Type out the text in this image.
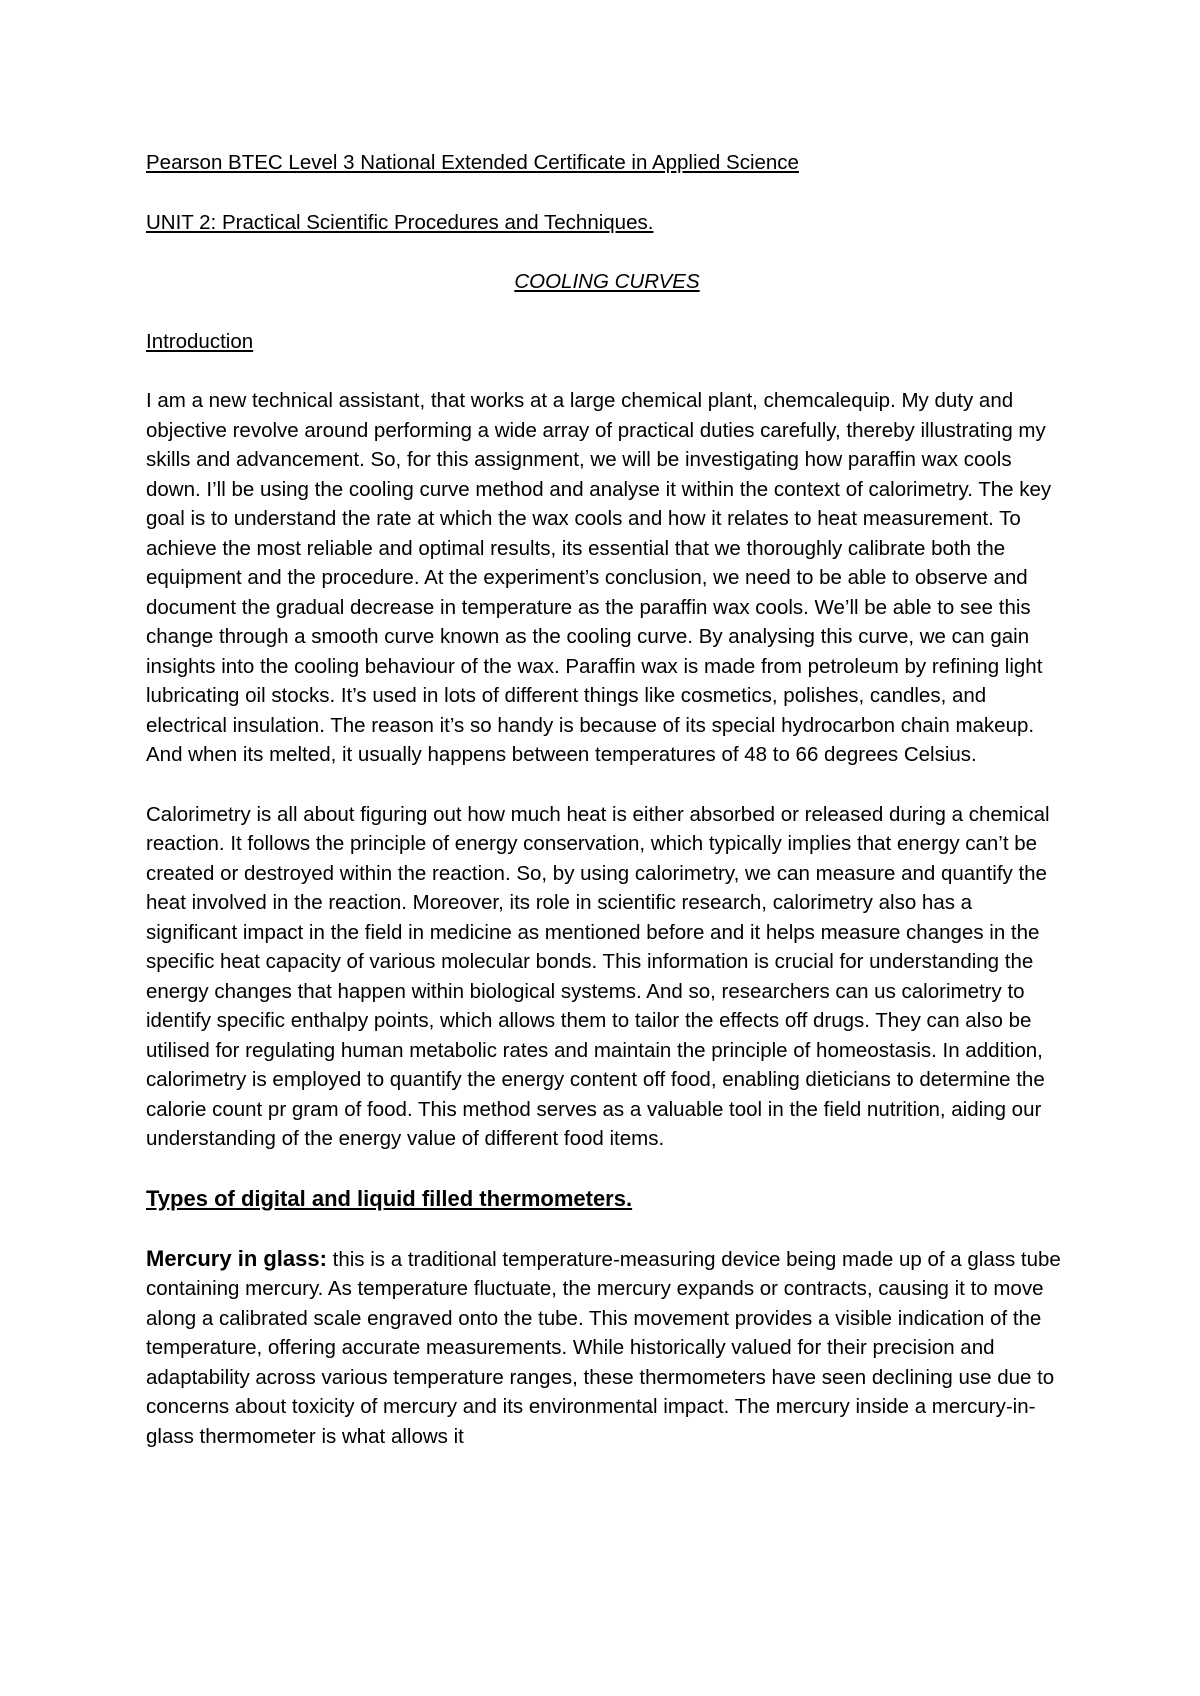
Pearson BTEC Level 3 National Extended Certificate in Applied Science

UNIT 2: Practical Scientific Procedures and Techniques.

COOLING CURVES

Introduction

I am a new technical assistant, that works at a large chemical plant, chemcalequip. My duty and objective revolve around performing a wide array of practical duties carefully, thereby illustrating my skills and advancement. So, for this assignment, we will be investigating how paraffin wax cools down. I’ll be using the cooling curve method and analyse it within the context of calorimetry. The key goal is to understand the rate at which the wax cools and how it relates to heat measurement. To achieve the most reliable and optimal results, its essential that we thoroughly calibrate both the equipment and the procedure. At the experiment’s conclusion, we need to be able to observe and document the gradual decrease in temperature as the paraffin wax cools. We’ll be able to see this change through a smooth curve known as the cooling curve. By analysing this curve, we can gain insights into the cooling behaviour of the wax. Paraffin wax is made from petroleum by refining light lubricating oil stocks. It’s used in lots of different things like cosmetics, polishes, candles, and electrical insulation. The reason it’s so handy is because of its special hydrocarbon chain makeup. And when its melted, it usually happens between temperatures of 48 to 66 degrees Celsius.

Calorimetry is all about figuring out how much heat is either absorbed or released during a chemical reaction. It follows the principle of energy conservation, which typically implies that energy can’t be created or destroyed within the reaction. So, by using calorimetry, we can measure and quantify the heat involved in the reaction. Moreover, its role in scientific research, calorimetry also has a significant impact in the field in medicine as mentioned before and it helps measure changes in the specific heat capacity of various molecular bonds. This information is crucial for understanding the energy changes that happen within biological systems. And so, researchers can us calorimetry to identify specific enthalpy points, which allows them to tailor the effects off drugs. They can also be utilised for regulating human metabolic rates and maintain the principle of homeostasis. In addition, calorimetry is employed to quantify the energy content off food, enabling dieticians to determine the calorie count pr gram of food. This method serves as a valuable tool in the field nutrition, aiding our understanding of the energy value of different food items.

Types of digital and liquid filled thermometers.

Mercury in glass: this is a traditional temperature-measuring device being made up of a glass tube containing mercury. As temperature fluctuate, the mercury expands or contracts, causing it to move along a calibrated scale engraved onto the tube. This movement provides a visible indication of the temperature, offering accurate measurements. While historically valued for their precision and adaptability across various temperature ranges, these thermometers have seen declining use due to concerns about toxicity of mercury and its environmental impact. The mercury inside a mercury-in-glass thermometer is what allows it
